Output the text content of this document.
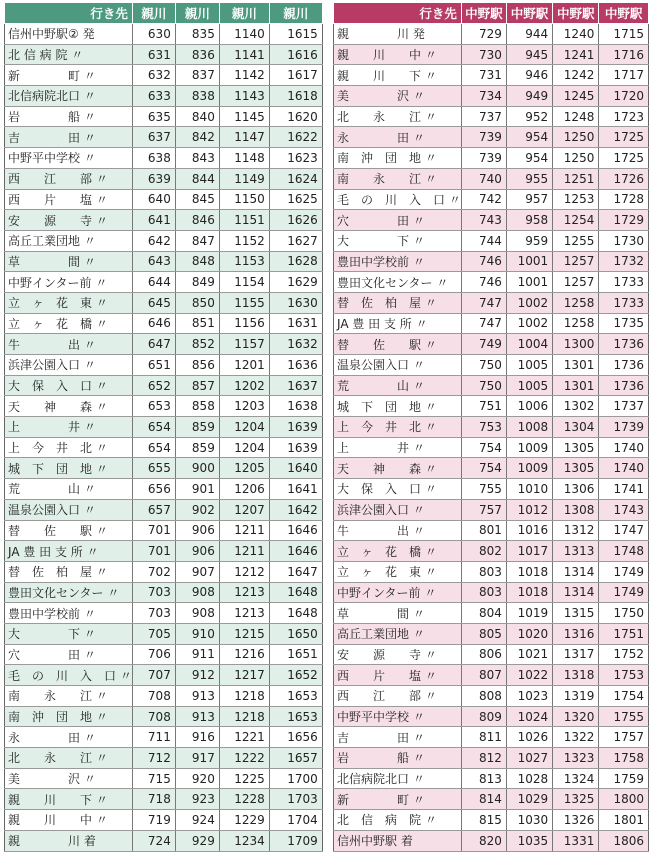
行き先	親川	親川	親川	親川
信州中野駅② 発	630	835	1140	1615
北 信 病 院 〃	631	836	1141	1616
新　　　　町 〃	632	837	1142	1617
北信病院北口 〃	633	838	1143	1618
岩　　　　船 〃	635	840	1145	1620
吉　　　　田 〃	637	842	1147	1622
中野平中学校 〃	638	843	1148	1623
西　　江　　部 〃	639	844	1149	1624
西　　片　　塩 〃	640	845	1150	1625
安　　源　　寺 〃	641	846	1151	1626
高丘工業団地 〃	642	847	1152	1627
草　　　　間 〃	643	848	1153	1628
中野インター前 〃	644	849	1154	1629
立　ヶ　花　東 〃	645	850	1155	1630
立　ヶ　花　橋 〃	646	851	1156	1631
牛　　　　出 〃	647	852	1157	1632
浜津公園入口 〃	651	856	1201	1636
大　保　入　口 〃	652	857	1202	1637
天　　神　　森 〃	653	858	1203	1638
上　　　　井 〃	654	859	1204	1639
上　今　井　北 〃	654	859	1204	1639
城　下　団　地 〃	655	900	1205	1640
荒　　　　山 〃	656	901	1206	1641
温泉公園入口 〃	657	902	1207	1642
替　　佐　　駅 〃	701	906	1211	1646
JA 豊 田 支 所 〃	701	906	1211	1646
替　佐　柏　屋 〃	702	907	1212	1647
豊田文化センター 〃	703	908	1213	1648
豊田中学校前 〃	703	908	1213	1648
大　　　　下 〃	705	910	1215	1650
穴　　　　田 〃	706	911	1216	1651
毛　の　川　入　口 〃	707	912	1217	1652
南　　永　　江 〃	708	913	1218	1653
南　沖　団　地 〃	708	913	1218	1653
永　　　　田 〃	711	916	1221	1656
北　　永　　江 〃	712	917	1222	1657
美　　　　沢 〃	715	920	1225	1700
親　　川　　下 〃	718	923	1228	1703
親　　川　　中 〃	719	924	1229	1704
親　　　　川 着	724	929	1234	1709
行き先	中野駅	中野駅	中野駅	中野駅
親　　　　川 発	729	944	1240	1715
親　　川　　中 〃	730	945	1241	1716
親　　川　　下 〃	731	946	1242	1717
美　　　　沢 〃	734	949	1245	1720
北　　永　　江 〃	737	952	1248	1723
永　　　　田 〃	739	954	1250	1725
南　沖　団　地 〃	739	954	1250	1725
南　　永　　江 〃	740	955	1251	1726
毛　の　川　入　口 〃	742	957	1253	1728
穴　　　　田 〃	743	958	1254	1729
大　　　　下 〃	744	959	1255	1730
豊田中学校前 〃	746	1001	1257	1732
豊田文化センター 〃	746	1001	1257	1733
替　佐　柏　屋 〃	747	1002	1258	1733
JA 豊 田 支 所 〃	747	1002	1258	1735
替　　佐　　駅 〃	749	1004	1300	1736
温泉公園入口 〃	750	1005	1301	1736
荒　　　　山 〃	750	1005	1301	1736
城　下　団　地 〃	751	1006	1302	1737
上　今　井　北 〃	753	1008	1304	1739
上　　　　井 〃	754	1009	1305	1740
天　　神　　森 〃	754	1009	1305	1740
大　保　入　口 〃	755	1010	1306	1741
浜津公園入口 〃	757	1012	1308	1743
牛　　　　出 〃	801	1016	1312	1747
立　ヶ　花　橋 〃	802	1017	1313	1748
立　ヶ　花　東 〃	803	1018	1314	1749
中野インター前 〃	803	1018	1314	1749
草　　　　間 〃	804	1019	1315	1750
高丘工業団地 〃	805	1020	1316	1751
安　　源　　寺 〃	806	1021	1317	1752
西　　片　　塩 〃	807	1022	1318	1753
西　　江　　部 〃	808	1023	1319	1754
中野平中学校 〃	809	1024	1320	1755
吉　　　　田 〃	811	1026	1322	1757
岩　　　　船 〃	812	1027	1323	1758
北信病院北口 〃	813	1028	1324	1759
新　　　　町 〃	814	1029	1325	1800
北　信　病　院 〃	815	1030	1326	1801
信州中野駅 着	820	1035	1331	1806
